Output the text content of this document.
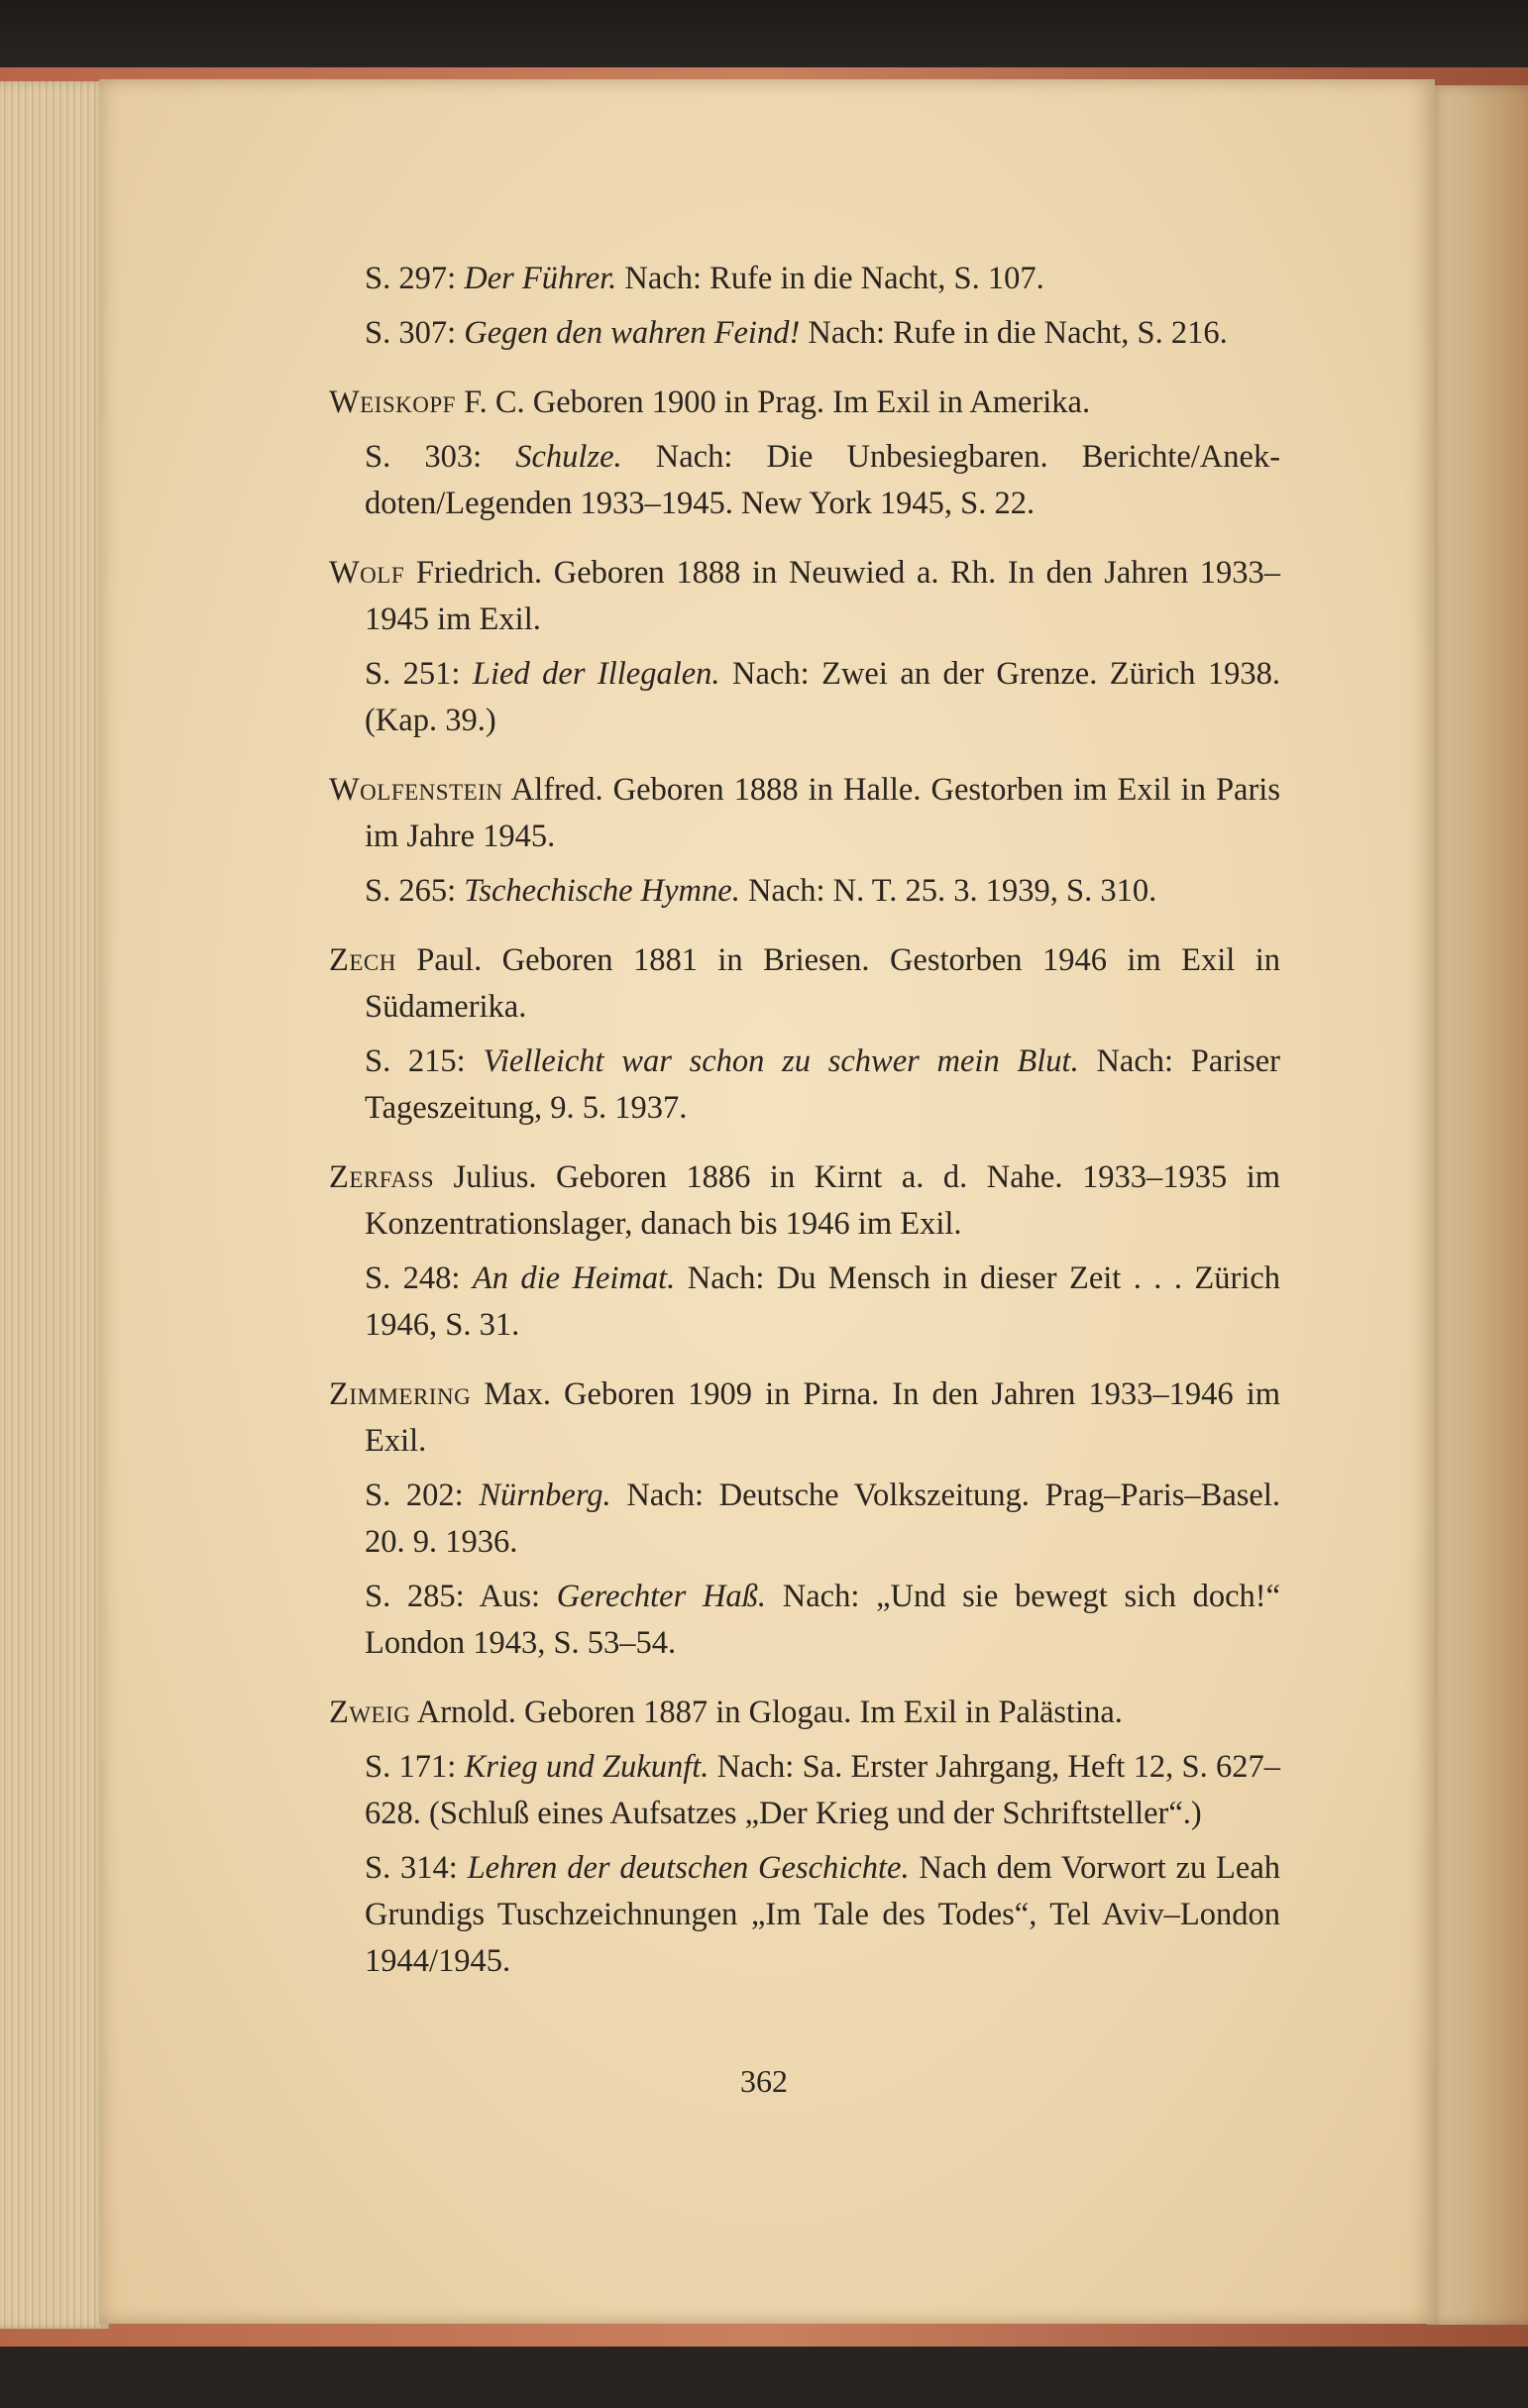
S. 297: Der Führer. Nach: Rufe in die Nacht, S. 107.

S. 307: Gegen den wahren Feind! Nach: Rufe in die Nacht, S. 216.

Weiskopf F. C. Geboren 1900 in Prag. Im Exil in Amerika.

S. 303: Schulze. Nach: Die Unbesiegbaren. Berichte/Anek-doten/Legenden 1933–1945. New York 1945, S. 22.

Wolf Friedrich. Geboren 1888 in Neuwied a. Rh. In den Jahren 1933–1945 im Exil.

S. 251: Lied der Illegalen. Nach: Zwei an der Grenze. Zürich 1938. (Kap. 39.)

Wolfenstein Alfred. Geboren 1888 in Halle. Gestorben im Exil in Paris im Jahre 1945.

S. 265: Tschechische Hymne. Nach: N. T. 25. 3. 1939, S. 310.

Zech Paul. Geboren 1881 in Briesen. Gestorben 1946 im Exil in Südamerika.

S. 215: Vielleicht war schon zu schwer mein Blut. Nach: Pariser Tageszeitung, 9. 5. 1937.

Zerfass Julius. Geboren 1886 in Kirnt a. d. Nahe. 1933–1935 im Konzentrationslager, danach bis 1946 im Exil.

S. 248: An die Heimat. Nach: Du Mensch in dieser Zeit . . . Zürich 1946, S. 31.

Zimmering Max. Geboren 1909 in Pirna. In den Jahren 1933–1946 im Exil.

S. 202: Nürnberg. Nach: Deutsche Volkszeitung. Prag–Paris–Basel. 20. 9. 1936.

S. 285: Aus: Gerechter Haß. Nach: „Und sie bewegt sich doch!“ London 1943, S. 53–54.

Zweig Arnold. Geboren 1887 in Glogau. Im Exil in Palästina.

S. 171: Krieg und Zukunft. Nach: Sa. Erster Jahrgang, Heft 12, S. 627–628. (Schluß eines Aufsatzes „Der Krieg und der Schriftsteller“.)

S. 314: Lehren der deutschen Geschichte. Nach dem Vorwort zu Leah Grundigs Tuschzeichnungen „Im Tale des Todes“, Tel Aviv–London 1944/1945.

362
